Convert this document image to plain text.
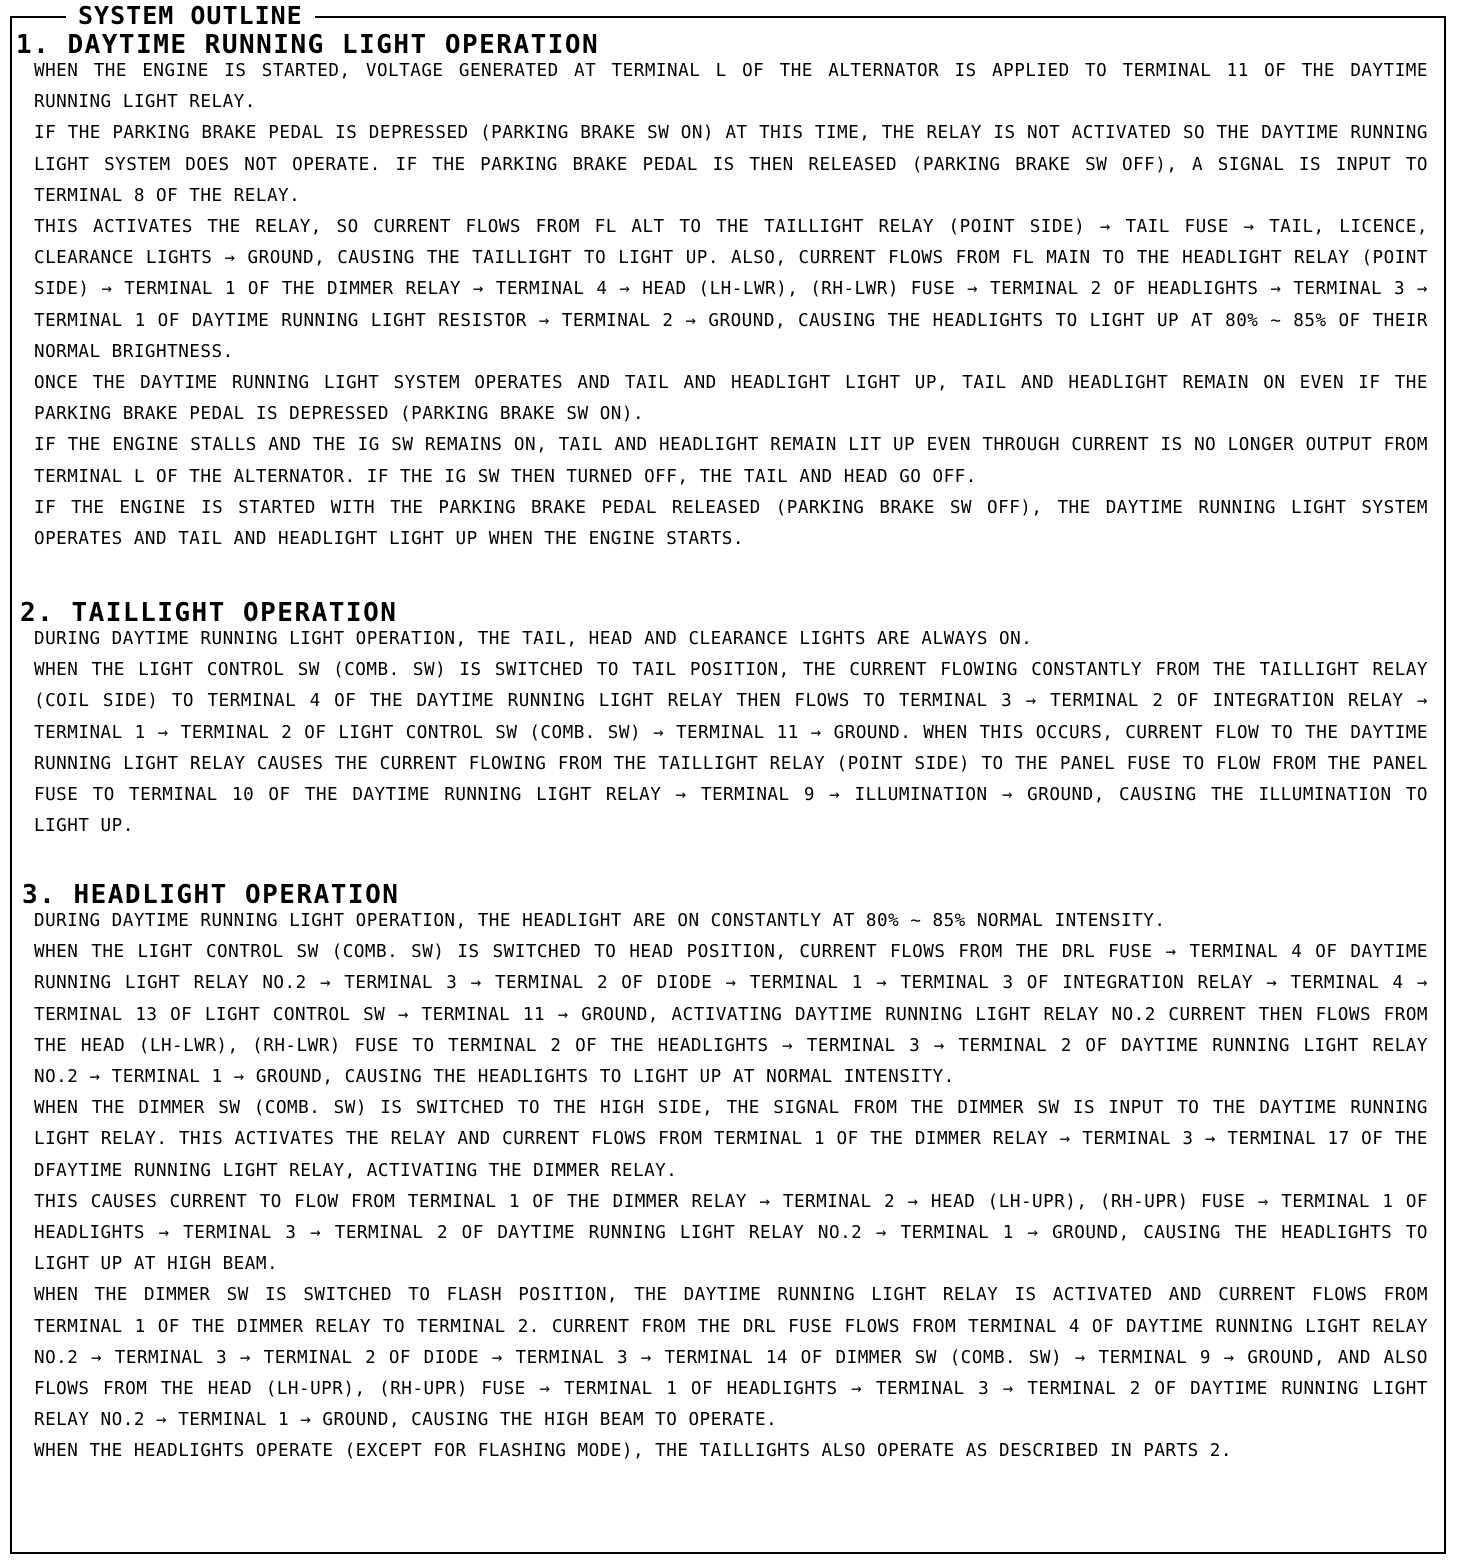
SYSTEM OUTLINE
1. DAYTIME RUNNING LIGHT OPERATION

WHEN THE ENGINE IS STARTED, VOLTAGE GENERATED AT TERMINAL L OF THE ALTERNATOR IS APPLIED TO TERMINAL 11 OF THE DAYTIME RUNNING LIGHT RELAY.

IF THE PARKING BRAKE PEDAL IS DEPRESSED (PARKING BRAKE SW ON) AT THIS TIME, THE RELAY IS NOT ACTIVATED SO THE DAYTIME RUNNING LIGHT SYSTEM DOES NOT OPERATE. IF THE PARKING BRAKE PEDAL IS THEN RELEASED (PARKING BRAKE SW OFF), A SIGNAL IS INPUT TO TERMINAL 8 OF THE RELAY.

THIS ACTIVATES THE RELAY, SO CURRENT FLOWS FROM FL ALT TO THE TAILLIGHT RELAY (POINT SIDE) → TAIL FUSE → TAIL, LICENCE, CLEARANCE LIGHTS → GROUND, CAUSING THE TAILLIGHT TO LIGHT UP. ALSO, CURRENT FLOWS FROM FL MAIN TO THE HEADLIGHT RELAY (POINT SIDE) → TERMINAL 1 OF THE DIMMER RELAY → TERMINAL 4 → HEAD (LH-LWR), (RH-LWR) FUSE → TERMINAL 2 OF HEADLIGHTS → TERMINAL 3 → TERMINAL 1 OF DAYTIME RUNNING LIGHT RESISTOR → TERMINAL 2 → GROUND, CAUSING THE HEADLIGHTS TO LIGHT UP AT 80% ∼ 85% OF THEIR NORMAL BRIGHTNESS.

ONCE THE DAYTIME RUNNING LIGHT SYSTEM OPERATES AND TAIL AND HEADLIGHT LIGHT UP, TAIL AND HEADLIGHT REMAIN ON EVEN IF THE PARKING BRAKE PEDAL IS DEPRESSED (PARKING BRAKE SW ON).

IF THE ENGINE STALLS AND THE IG SW REMAINS ON, TAIL AND HEADLIGHT REMAIN LIT UP EVEN THROUGH CURRENT IS NO LONGER OUTPUT FROM TERMINAL L OF THE ALTERNATOR. IF THE IG SW THEN TURNED OFF, THE TAIL AND HEAD GO OFF.

IF THE ENGINE IS STARTED WITH THE PARKING BRAKE PEDAL RELEASED (PARKING BRAKE SW OFF), THE DAYTIME RUNNING LIGHT SYSTEM OPERATES AND TAIL AND HEADLIGHT LIGHT UP WHEN THE ENGINE STARTS.

2. TAILLIGHT OPERATION

DURING DAYTIME RUNNING LIGHT OPERATION, THE TAIL, HEAD AND CLEARANCE LIGHTS ARE ALWAYS ON.

WHEN THE LIGHT CONTROL SW (COMB. SW) IS SWITCHED TO TAIL POSITION, THE CURRENT FLOWING CONSTANTLY FROM THE TAILLIGHT RELAY (COIL SIDE) TO TERMINAL 4 OF THE DAYTIME RUNNING LIGHT RELAY THEN FLOWS TO TERMINAL 3 → TERMINAL 2 OF INTEGRATION RELAY → TERMINAL 1 → TERMINAL 2 OF LIGHT CONTROL SW (COMB. SW) → TERMINAL 11 → GROUND. WHEN THIS OCCURS, CURRENT FLOW TO THE DAYTIME RUNNING LIGHT RELAY CAUSES THE CURRENT FLOWING FROM THE TAILLIGHT RELAY (POINT SIDE) TO THE PANEL FUSE TO FLOW FROM THE PANEL FUSE TO TERMINAL 10 OF THE DAYTIME RUNNING LIGHT RELAY → TERMINAL 9 → ILLUMINATION → GROUND, CAUSING THE ILLUMINATION TO LIGHT UP.

3. HEADLIGHT OPERATION

DURING DAYTIME RUNNING LIGHT OPERATION, THE HEADLIGHT ARE ON CONSTANTLY AT 80% ∼ 85% NORMAL INTENSITY.

WHEN THE LIGHT CONTROL SW (COMB. SW) IS SWITCHED TO HEAD POSITION, CURRENT FLOWS FROM THE DRL FUSE → TERMINAL 4 OF DAYTIME RUNNING LIGHT RELAY NO.2 → TERMINAL 3 → TERMINAL 2 OF DIODE → TERMINAL 1 → TERMINAL 3 OF INTEGRATION RELAY → TERMINAL 4 → TERMINAL 13 OF LIGHT CONTROL SW → TERMINAL 11 → GROUND, ACTIVATING DAYTIME RUNNING LIGHT RELAY NO.2 CURRENT THEN FLOWS FROM THE HEAD (LH-LWR), (RH-LWR) FUSE TO TERMINAL 2 OF THE HEADLIGHTS → TERMINAL 3 → TERMINAL 2 OF DAYTIME RUNNING LIGHT RELAY NO.2 → TERMINAL 1 → GROUND, CAUSING THE HEADLIGHTS TO LIGHT UP AT NORMAL INTENSITY.

WHEN THE DIMMER SW (COMB. SW) IS SWITCHED TO THE HIGH SIDE, THE SIGNAL FROM THE DIMMER SW IS INPUT TO THE DAYTIME RUNNING LIGHT RELAY. THIS ACTIVATES THE RELAY AND CURRENT FLOWS FROM TERMINAL 1 OF THE DIMMER RELAY → TERMINAL 3 → TERMINAL 17 OF THE DFAYTIME RUNNING LIGHT RELAY, ACTIVATING THE DIMMER RELAY.

THIS CAUSES CURRENT TO FLOW FROM TERMINAL 1 OF THE DIMMER RELAY → TERMINAL 2 → HEAD (LH-UPR), (RH-UPR) FUSE → TERMINAL 1 OF HEADLIGHTS → TERMINAL 3 → TERMINAL 2 OF DAYTIME RUNNING LIGHT RELAY NO.2 → TERMINAL 1 → GROUND, CAUSING THE HEADLIGHTS TO LIGHT UP AT HIGH BEAM.

WHEN THE DIMMER SW IS SWITCHED TO FLASH POSITION, THE DAYTIME RUNNING LIGHT RELAY IS ACTIVATED AND CURRENT FLOWS FROM TERMINAL 1 OF THE DIMMER RELAY TO TERMINAL 2. CURRENT FROM THE DRL FUSE FLOWS FROM TERMINAL 4 OF DAYTIME RUNNING LIGHT RELAY NO.2 → TERMINAL 3 → TERMINAL 2 OF DIODE → TERMINAL 3 → TERMINAL 14 OF DIMMER SW (COMB. SW) → TERMINAL 9 → GROUND, AND ALSO FLOWS FROM THE HEAD (LH-UPR), (RH-UPR) FUSE → TERMINAL 1 OF HEADLIGHTS → TERMINAL 3 → TERMINAL 2 OF DAYTIME RUNNING LIGHT RELAY NO.2 → TERMINAL 1 → GROUND, CAUSING THE HIGH BEAM TO OPERATE.

WHEN THE HEADLIGHTS OPERATE (EXCEPT FOR FLASHING MODE), THE TAILLIGHTS ALSO OPERATE AS DESCRIBED IN PARTS 2.
